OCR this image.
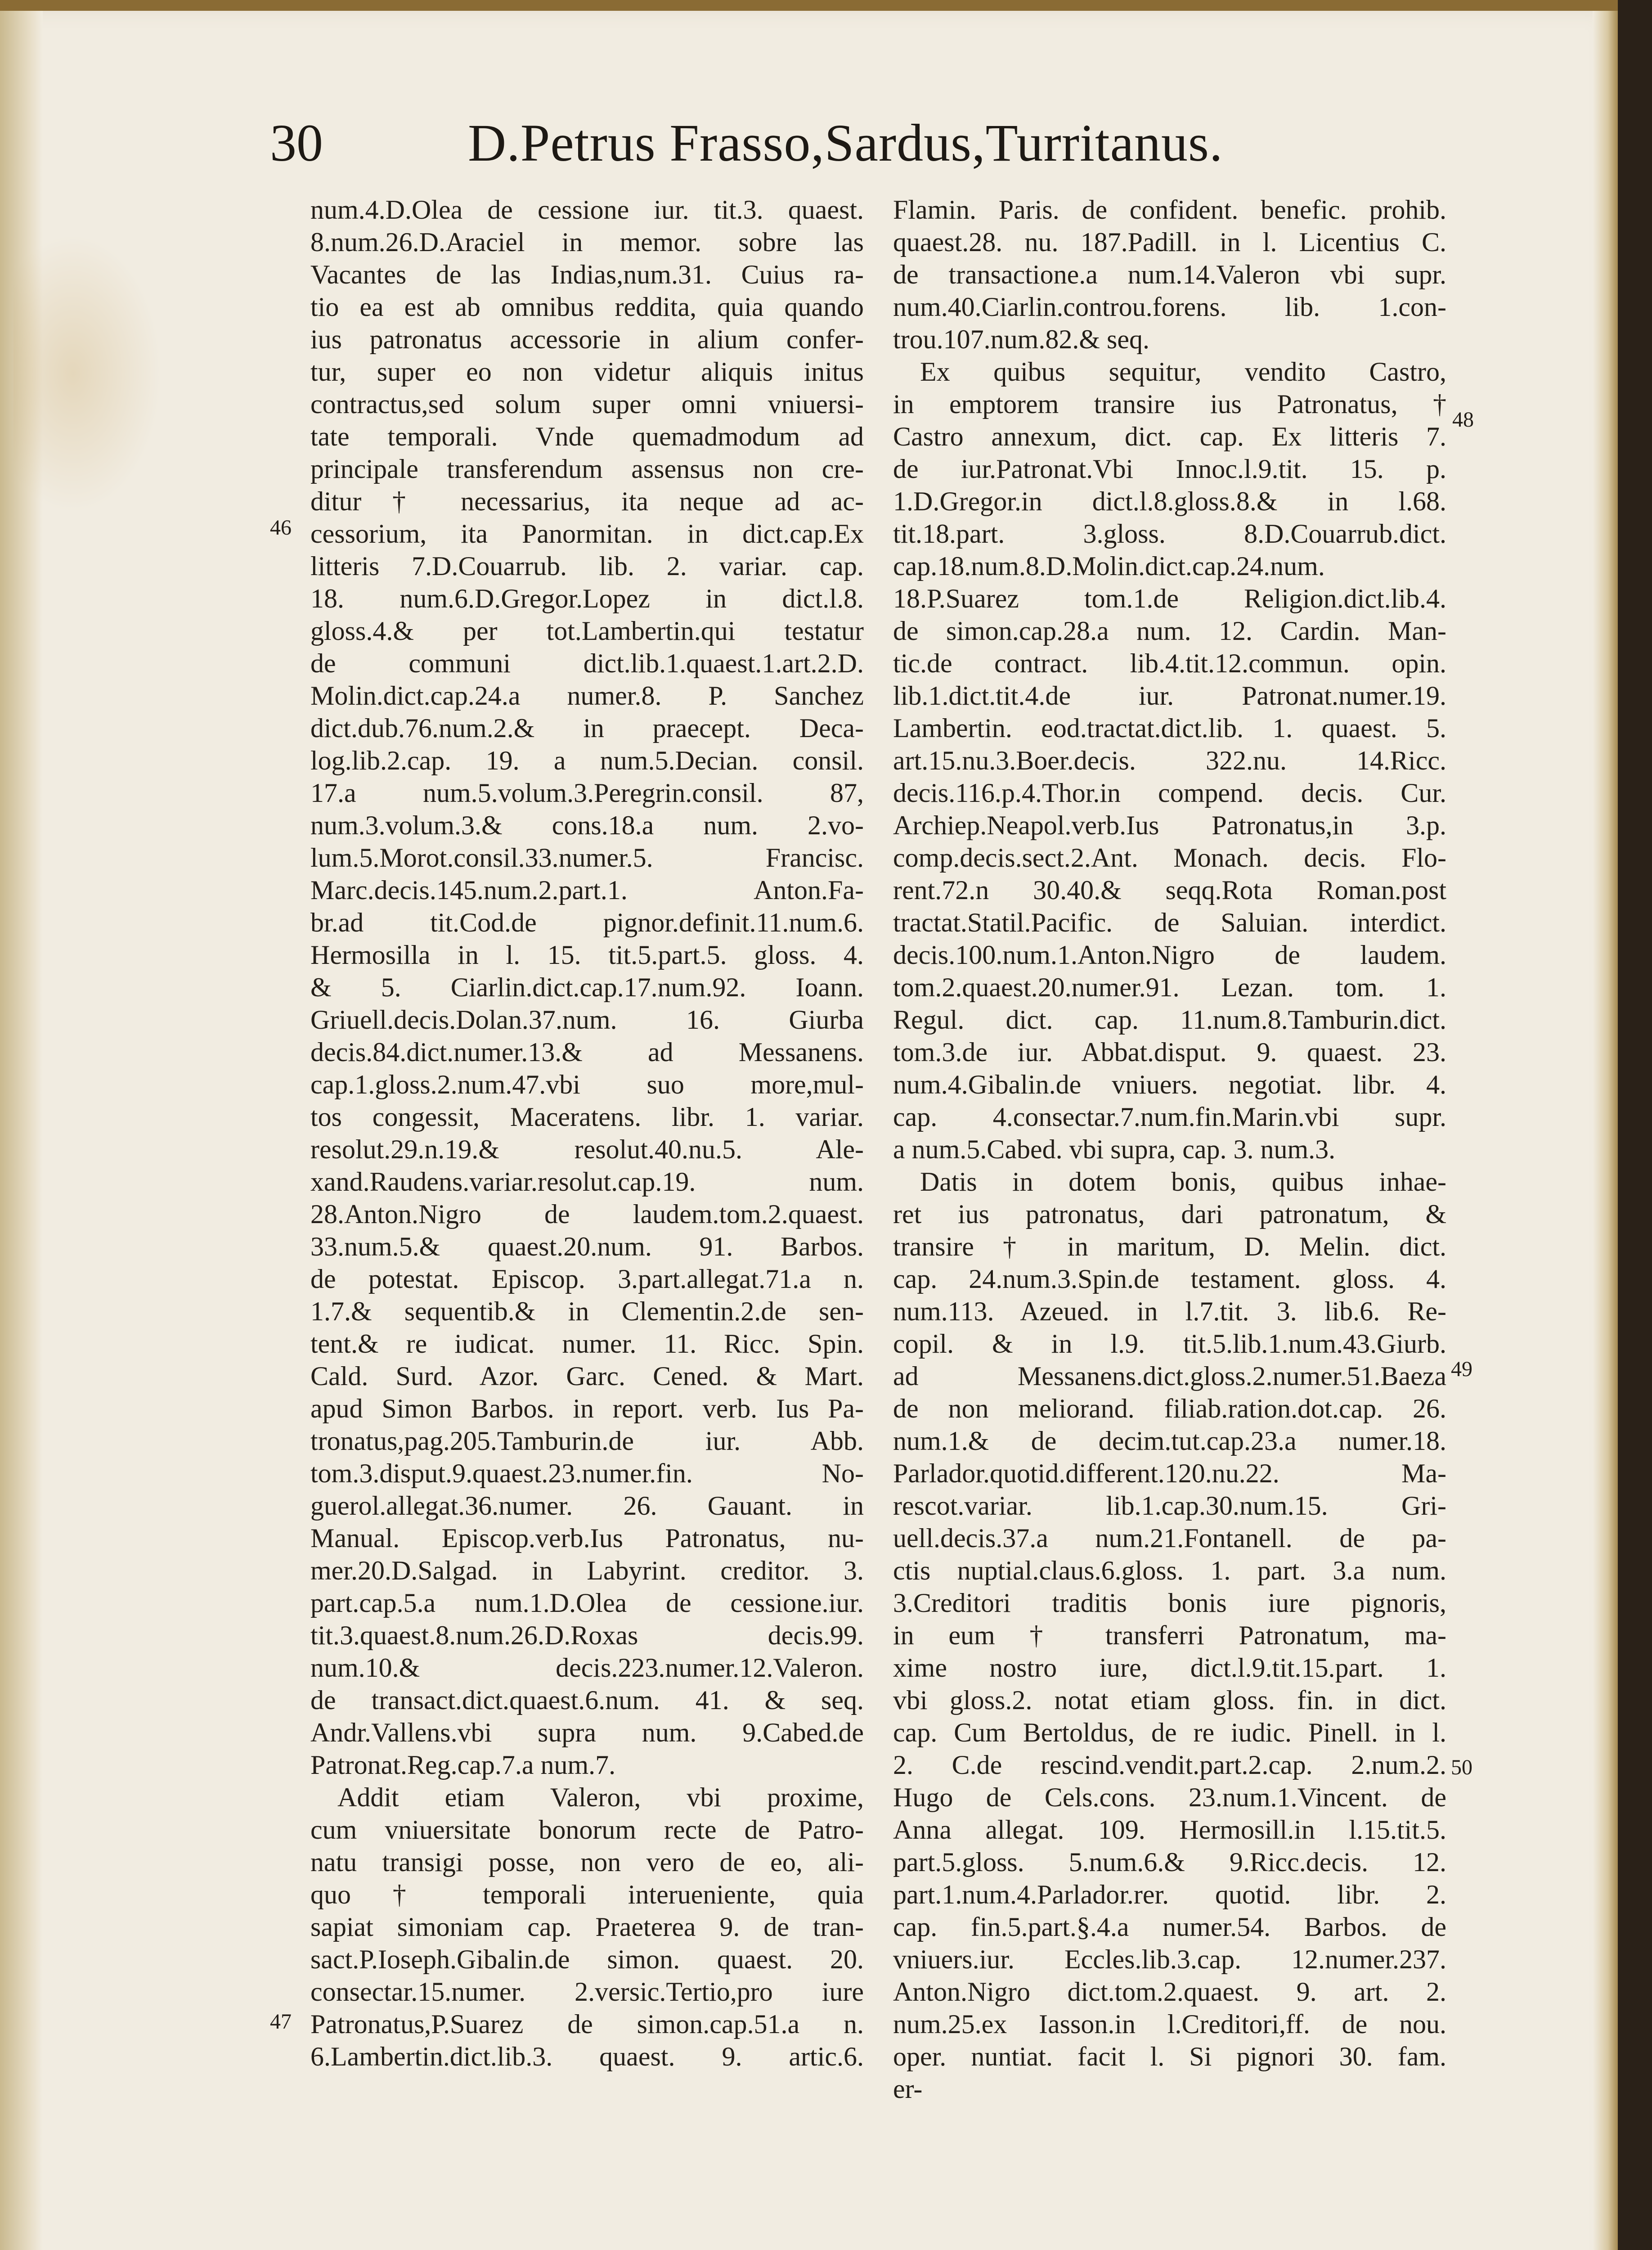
30	D.Petrus Frasso,Sardus,Turritanus.
num.4.D.Olea de cessione iur. tit.3. quaest.
8.num.26.D.Araciel in memor. sobre las
Vacantes de las Indias,num.31. Cuius ra-
tio ea est ab omnibus reddita, quia quando
ius patronatus accessorie in alium confer-
tur, super eo non videtur aliquis initus
contractus,sed solum super omni vniuersi-
tate temporali. Vnde quemadmodum ad
principale transferendum assensus non cre-
ditur † necessarius, ita neque ad ac-
cessorium, ita Panormitan. in dict.cap.Ex
litteris 7.D.Couarrub. lib. 2. variar. cap.
18. num.6.D.Gregor.Lopez in dict.l.8.
gloss.4.& per tot.Lambertin.qui testatur
de communi dict.lib.1.quaest.1.art.2.D.
Molin.dict.cap.24.a numer.8. P. Sanchez
dict.dub.76.num.2.& in praecept. Deca-
log.lib.2.cap. 19. a num.5.Decian. consil.
17.a num.5.volum.3.Peregrin.consil. 87,
num.3.volum.3.& cons.18.a num. 2.vo-
lum.5.Morot.consil.33.numer.5. Francisc.
Marc.decis.145.num.2.part.1. Anton.Fa-
br.ad tit.Cod.de pignor.definit.11.num.6.
Hermosilla in l. 15. tit.5.part.5. gloss. 4.
& 5. Ciarlin.dict.cap.17.num.92. Ioann.
Griuell.decis.Dolan.37.num. 16. Giurba
decis.84.dict.numer.13.& ad Messanens.
cap.1.gloss.2.num.47.vbi suo more,mul-
tos congessit, Maceratens. libr. 1. variar.
resolut.29.n.19.& resolut.40.nu.5. Ale-
xand.Raudens.variar.resolut.cap.19. num.
28.Anton.Nigro de laudem.tom.2.quaest.
33.num.5.& quaest.20.num. 91. Barbos.
de potestat. Episcop. 3.part.allegat.71.a n.
1.7.& sequentib.& in Clementin.2.de sen-
tent.& re iudicat. numer. 11. Ricc. Spin.
Cald. Surd. Azor. Garc. Cened. & Mart.
apud Simon Barbos. in report. verb. Ius Pa-
tronatus,pag.205.Tamburin.de iur. Abb.
tom.3.disput.9.quaest.23.numer.fin. No-
guerol.allegat.36.numer. 26. Gauant. in
Manual. Episcop.verb.Ius Patronatus, nu-
mer.20.D.Salgad. in Labyrint. creditor. 3.
part.cap.5.a num.1.D.Olea de cessione.iur.
tit.3.quaest.8.num.26.D.Roxas decis.99.
num.10.& decis.223.numer.12.Valeron.
de transact.dict.quaest.6.num. 41. & seq.
Andr.Vallens.vbi supra num. 9.Cabed.de
Patronat.Reg.cap.7.a num.7.
Addit etiam Valeron, vbi proxime,
cum vniuersitate bonorum recte de Patro-
natu transigi posse, non vero de eo, ali-
quo † temporali interueniente, quia
sapiat simoniam cap. Praeterea 9. de tran-
sact.P.Ioseph.Gibalin.de simon. quaest. 20.
consectar.15.numer. 2.versic.Tertio,pro iure
Patronatus,P.Suarez de simon.cap.51.a n.
6.Lambertin.dict.lib.3. quaest. 9. artic.6.
Flamin. Paris. de confident. benefic. prohib.
quaest.28. nu. 187.Padill. in l. Licentius C.
de transactione.a num.14.Valeron vbi supr.
num.40.Ciarlin.controu.forens. lib. 1.con-
trou.107.num.82.& seq.
Ex quibus sequitur, vendito Castro,
in emptorem transire ius Patronatus, †
Castro annexum, dict. cap. Ex litteris 7.
de iur.Patronat.Vbi Innoc.l.9.tit. 15. p.
1.D.Gregor.in dict.l.8.gloss.8.& in l.68.
tit.18.part. 3.gloss. 8.D.Couarrub.dict.
cap.18.num.8.D.Molin.dict.cap.24.num.
18.P.Suarez tom.1.de Religion.dict.lib.4.
de simon.cap.28.a num. 12. Cardin. Man-
tic.de contract. lib.4.tit.12.commun. opin.
lib.1.dict.tit.4.de iur. Patronat.numer.19.
Lambertin. eod.tractat.dict.lib. 1. quaest. 5.
art.15.nu.3.Boer.decis. 322.nu. 14.Ricc.
decis.116.p.4.Thor.in compend. decis. Cur.
Archiep.Neapol.verb.Ius Patronatus,in 3.p.
comp.decis.sect.2.Ant. Monach. decis. Flo-
rent.72.n 30.40.& seqq.Rota Roman.post
tractat.Statil.Pacific. de Saluian. interdict.
decis.100.num.1.Anton.Nigro de laudem.
tom.2.quaest.20.numer.91. Lezan. tom. 1.
Regul. dict. cap. 11.num.8.Tamburin.dict.
tom.3.de iur. Abbat.disput. 9. quaest. 23.
num.4.Gibalin.de vniuers. negotiat. libr. 4.
cap. 4.consectar.7.num.fin.Marin.vbi supr.
a num.5.Cabed. vbi supra, cap. 3. num.3.
Datis in dotem bonis, quibus inhae-
ret ius patronatus, dari patronatum, &
transire † in maritum, D. Melin. dict.
cap. 24.num.3.Spin.de testament. gloss. 4.
num.113. Azeued. in l.7.tit. 3. lib.6. Re-
copil. & in l.9. tit.5.lib.1.num.43.Giurb.
ad Messanens.dict.gloss.2.numer.51.Baeza
de non meliorand. filiab.ration.dot.cap. 26.
num.1.& de decim.tut.cap.23.a numer.18.
Parlador.quotid.different.120.nu.22. Ma-
rescot.variar. lib.1.cap.30.num.15. Gri-
uell.decis.37.a num.21.Fontanell. de pa-
ctis nuptial.claus.6.gloss. 1. part. 3.a num.
3.Creditori traditis bonis iure pignoris,
in eum † transferri Patronatum, ma-
xime nostro iure, dict.l.9.tit.15.part. 1.
vbi gloss.2. notat etiam gloss. fin. in dict.
cap. Cum Bertoldus, de re iudic. Pinell. in l.
2. C.de rescind.vendit.part.2.cap. 2.num.2.
Hugo de Cels.cons. 23.num.1.Vincent. de
Anna allegat. 109. Hermosill.in l.15.tit.5.
part.5.gloss. 5.num.6.& 9.Ricc.decis. 12.
part.1.num.4.Parlador.rer. quotid. libr. 2.
cap. fin.5.part.§.4.a numer.54. Barbos. de
vniuers.iur. Eccles.lib.3.cap. 12.numer.237.
Anton.Nigro dict.tom.2.quaest. 9. art. 2.
num.25.ex Iasson.in l.Creditori,ff. de nou.
oper. nuntiat. facit l. Si pignori 30. fam.
er-
46
47
48
49
50
